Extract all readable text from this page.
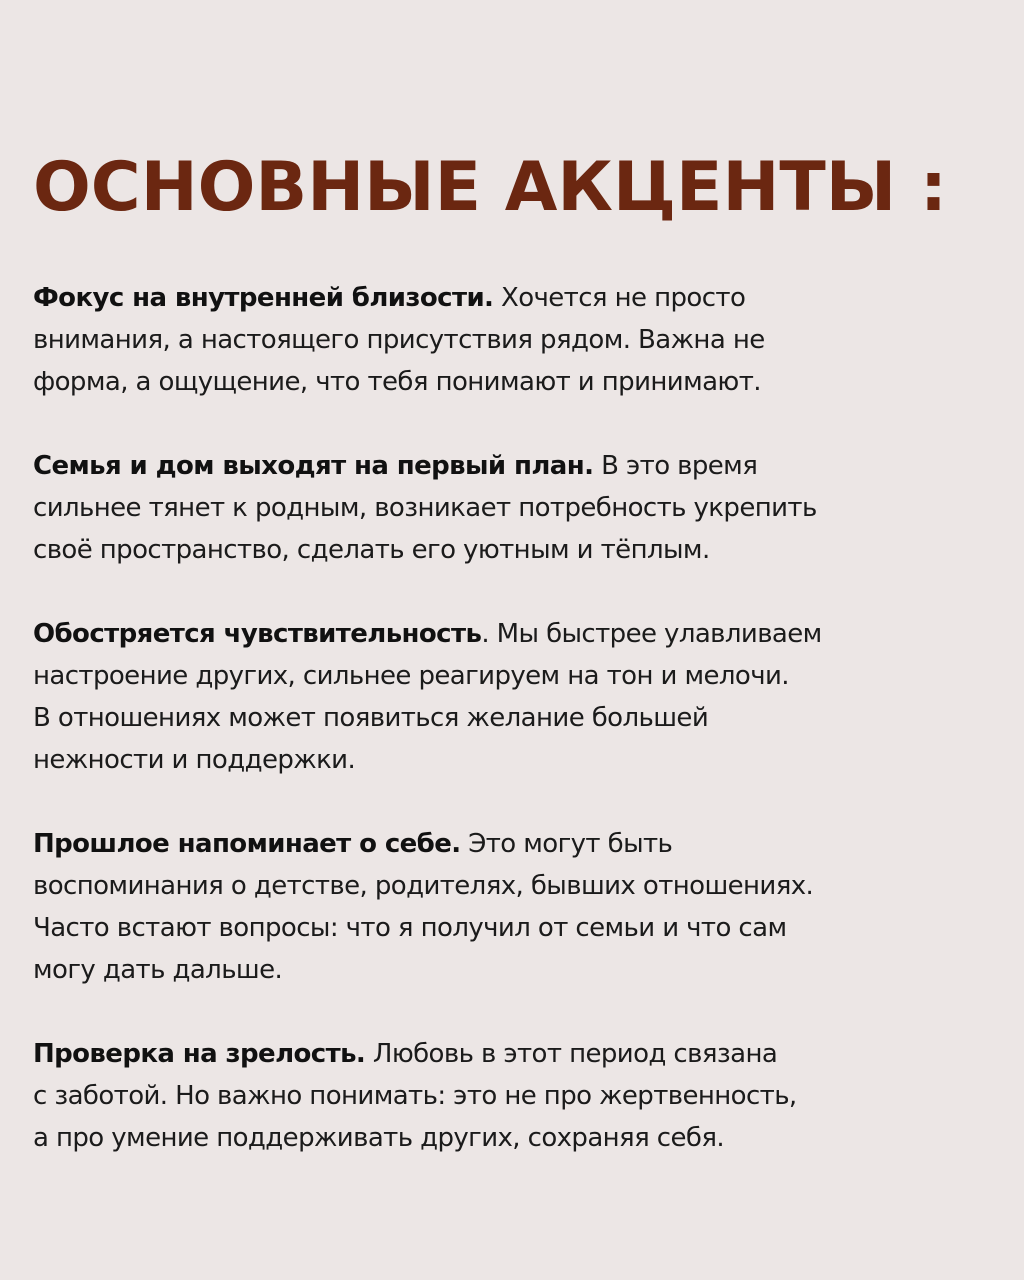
ОСНОВНЫЕ АКЦЕНТЫ :
Фокус на внутренней близости. Хочется не просто
внимания, а настоящего присутствия рядом. Важна не
форма, а ощущение, что тебя понимают и принимают.
Семья и дом выходят на первый план. В это время
сильнее тянет к родным, возникает потребность укрепить
своё пространство, сделать его уютным и тёплым.
Обостряется чувствительность. Мы быстрее улавливаем
настроение других, сильнее реагируем на тон и мелочи.
В отношениях может появиться желание большей
нежности и поддержки.
Прошлое напоминает о себе. Это могут быть
воспоминания о детстве, родителях, бывших отношениях.
Часто встают вопросы: что я получил от семьи и что сам
могу дать дальше.
Проверка на зрелость. Любовь в этот период связана
с заботой. Но важно понимать: это не про жертвенность,
а про умение поддерживать других, сохраняя себя.
